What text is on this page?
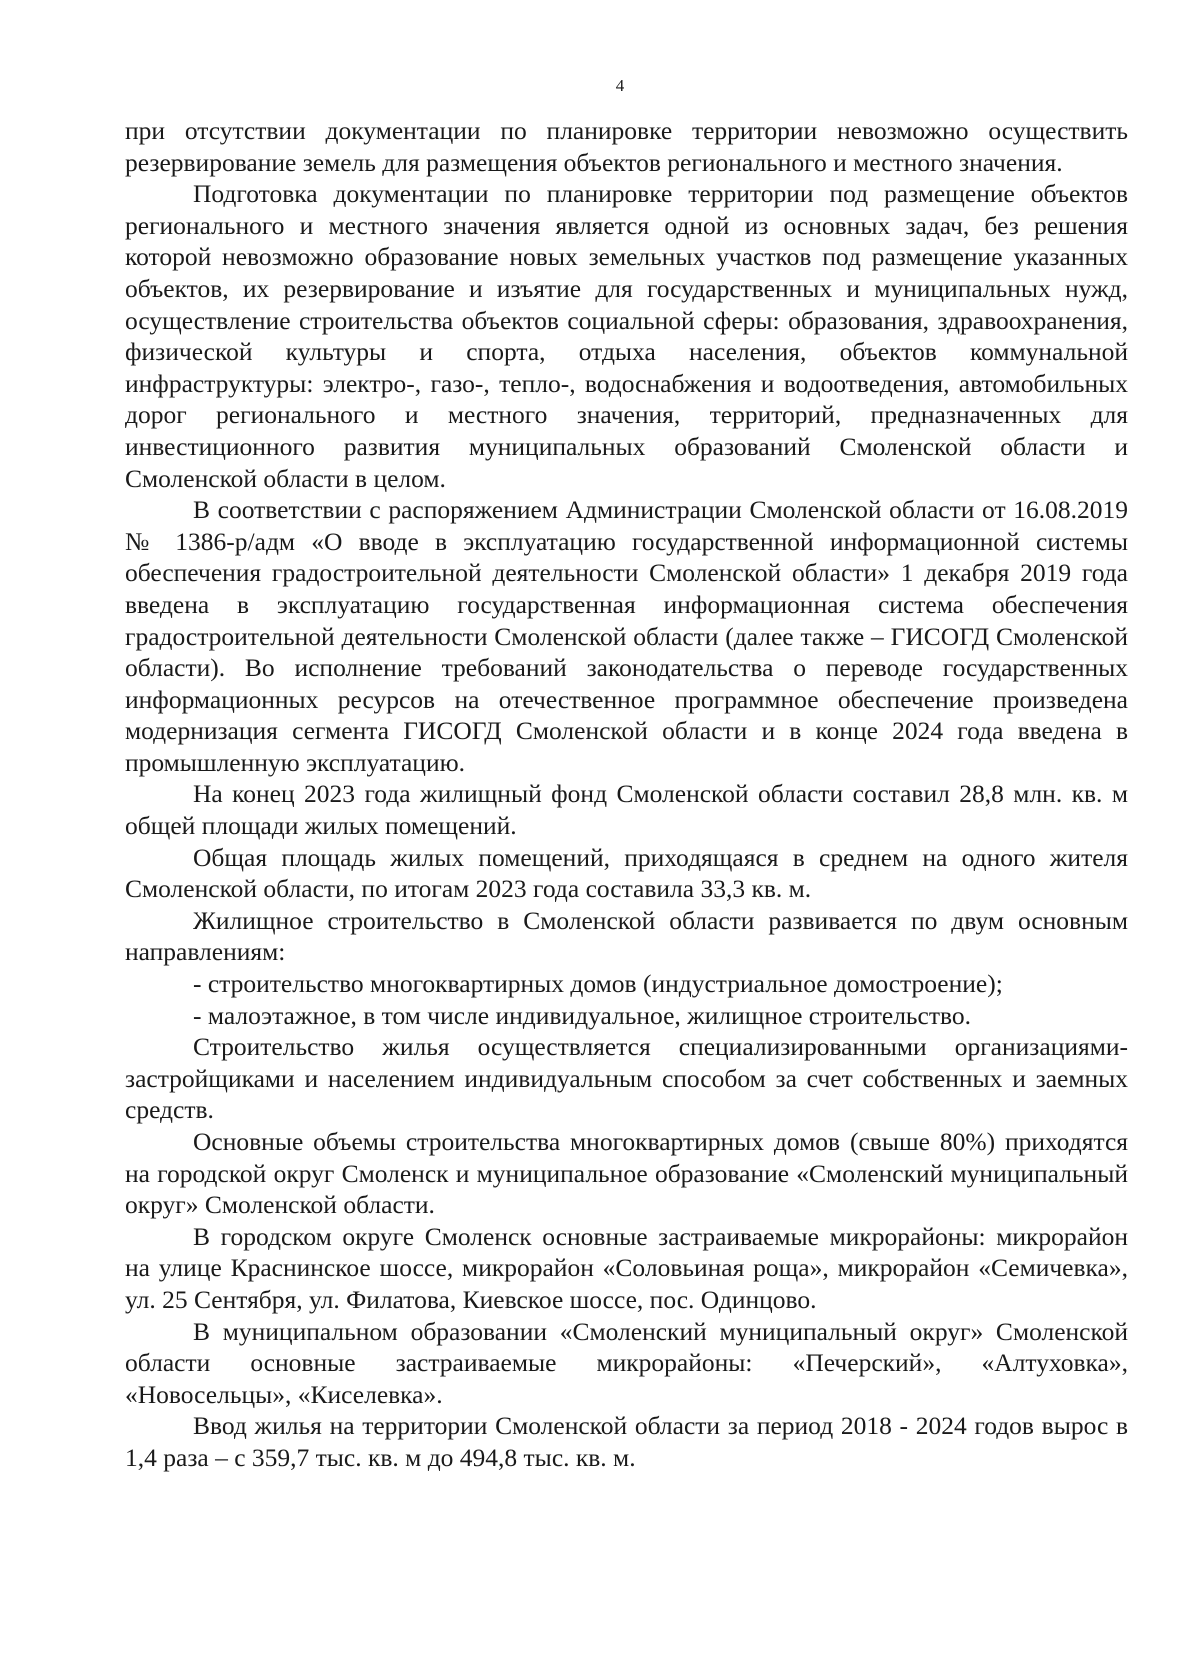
4

при отсутствии документации по планировке территории невозможно осуществить резервирование земель для размещения объектов регионального и местного значения.

Подготовка документации по планировке территории под размещение объектов регионального и местного значения является одной из основных задач, без решения которой невозможно образование новых земельных участков под размещение указанных объектов, их резервирование и изъятие для государственных и муниципальных нужд, осуществление строительства объектов социальной сферы: образования, здравоохранения, физической культуры и спорта, отдыха населения, объектов коммунальной инфраструктуры: электро-, газо-, тепло-, водоснабжения и водоотведения, автомобильных дорог регионального и местного значения, территорий, предназначенных для инвестиционного развития муниципальных образований Смоленской области и Смоленской области в целом.

В соответствии с распоряжением Администрации Смоленской области от 16.08.2019 № 1386-р/адм «О вводе в эксплуатацию государственной информационной системы обеспечения градостроительной деятельности Смоленской области» 1 декабря 2019 года введена в эксплуатацию государственная информационная система обеспечения градостроительной деятельности Смоленской области (далее также – ГИСОГД Смоленской области). Во исполнение требований законодательства о переводе государственных информационных ресурсов на отечественное программное обеспечение произведена модернизация сегмента ГИСОГД Смоленской области и в конце 2024 года введена в промышленную эксплуатацию.

На конец 2023 года жилищный фонд Смоленской области составил 28,8 млн. кв. м общей площади жилых помещений.

Общая площадь жилых помещений, приходящаяся в среднем на одного жителя Смоленской области, по итогам 2023 года составила 33,3 кв. м.

Жилищное строительство в Смоленской области развивается по двум основным направлениям:

- строительство многоквартирных домов (индустриальное домостроение);

- малоэтажное, в том числе индивидуальное, жилищное строительство.

Строительство жилья осуществляется специализированными организациями-застройщиками и населением индивидуальным способом за счет собственных и заемных средств.

Основные объемы строительства многоквартирных домов (свыше 80%) приходятся на городской округ Смоленск и муниципальное образование «Смоленский муниципальный округ» Смоленской области.

В городском округе Смоленск основные застраиваемые микрорайоны: микрорайон на улице Краснинское шоссе, микрорайон «Соловьиная роща», микрорайон «Семичевка», ул. 25 Сентября, ул. Филатова, Киевское шоссе, пос. Одинцово.

В муниципальном образовании «Смоленский муниципальный округ» Смоленской области основные застраиваемые микрорайоны: «Печерский», «Алтуховка», «Новосельцы», «Киселевка».

Ввод жилья на территории Смоленской области за период 2018 - 2024 годов вырос в 1,4 раза – с 359,7 тыс. кв. м до 494,8 тыс. кв. м.
